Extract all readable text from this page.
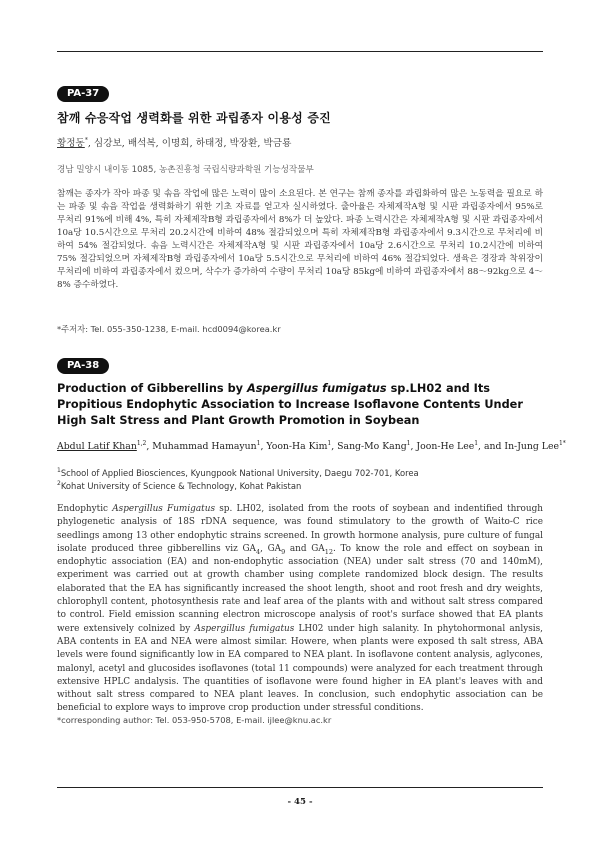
PA-37
참깨 슈응작업 생력화를 위한 과립종자 이용성 증진
황정동*, 심강보, 배석복, 이명희, 하태정, 박장환, 박금룡
경남 밀양시 내이동 1085, 농촌진흥청 국립식량과학원 기능성작물부

참깨는 종자가 작아 파종 및 솎음 작업에 많은 노력이 많이 소요된다. 본 연구는 참깨 종자를 과립화하여 많은 노동력을 필요로 하는 파종 및 솎음 작업을 생력화하기 위한 기초 자료를 얻고자 실시하였다. 출아율은 자체제작A형 및 시판 과립종자에서 95%로 무처리 91%에 비해 4%, 특히 자체제작B형 과립종자에서 8%가 더 높았다. 파종 노력시간은 자체제작A형 및 시판 과립종자에서 10a당 10.5시간으로 무처리 20.2시간에 비하여 48% 절감되었으며 특히 자체제작B형 과립종자에서 9.3시간으로 무처리에 비하여 54% 절감되었다. 솎음 노력시간은 자체제작A형 및 시판 과립종자에서 10a당 2.6시간으로 무처리 10.2시간에 비하여 75% 절감되었으며 자체제작B형 과립종자에서 10a당 5.5시간으로 무처리에 비하여 46% 절감되었다. 생육은 경장과 착위장이 무처리에 비하여 과립종자에서 컸으며, 삭수가 증가하여 수량이 무처리 10a당 85kg에 비하여 과립종자에서 88～92kg으로 4～8% 증수하였다.

*주저자: Tel. 055-350-1238, E-mail. hcd0094@korea.kr
PA-38

Production of Gibberellins by Aspergillus fumigatus sp.LH02 and Its Propitious Endophytic Association to Increase Isoflavone Contents Under High Salt Stress and Plant Growth Promotion in Soybean

Abdul Latif Khan$^{1,2}$, Muhammad Hamayun$^1$, Yoon-Ha Kim$^1$, Sang-Mo Kang$^1$, Joon-He Lee$^1$, and In-Jung Lee$^{1*}$
$^1$School of Applied Biosciences, Kyungpook National University, Daegu 702-701, Korea
$^2$Kohat University of Science & Technology, Kohat Pakistan

Endophytic Aspergillus Fumigatus sp. LH02, isolated from the roots of soybean and indentified through phylogenetic analysis of 18S rDNA sequence, was found stimulatory to the growth of Waito-C rice seedlings among 13 other endophytic strains screened. In growth hormone analysis, pure culture of fungal isolate produced three gibberellins viz $GA_4$, $GA_9$ and $GA_{12}$. To know the role and effect on soybean in endophytic association (EA) and non-endophytic association (NEA) under salt stress (70 and 140mM), experiment was carried out at growth chamber using complete randomized block design. The results elaborated that the EA has significantly increased the shoot length, shoot and root fresh and dry weights, chlorophyll content, photosynthesis rate and leaf area of the plants with and without salt stress compared to control. Field emission scanning electron microscope analysis of root's surface showed that EA plants were extensively colnized by Aspergillus fumigatus LH02 under high salanity. In phytohormonal anlysis, ABA contents in EA and NEA were almost similar. Howere, when plants were exposed th salt stress, ABA levels were found significantly low in EA compared to NEA plant. In isoflavone content analysis, aglycones, malonyl, acetyl and glucosides isoflavones (total 11 compounds) were analyzed for each treatment through extensive HPLC andalysis. The quantities of isoflavone were found higher in EA plant's leaves with and without salt stress compared to NEA plant leaves. In conclusion, such endophytic association can be beneficial to explore ways to improve crop production under stressful conditions.

*corresponding author: Tel. 053-950-5708, E-mail. ijlee@knu.ac.kr
- 45 -
